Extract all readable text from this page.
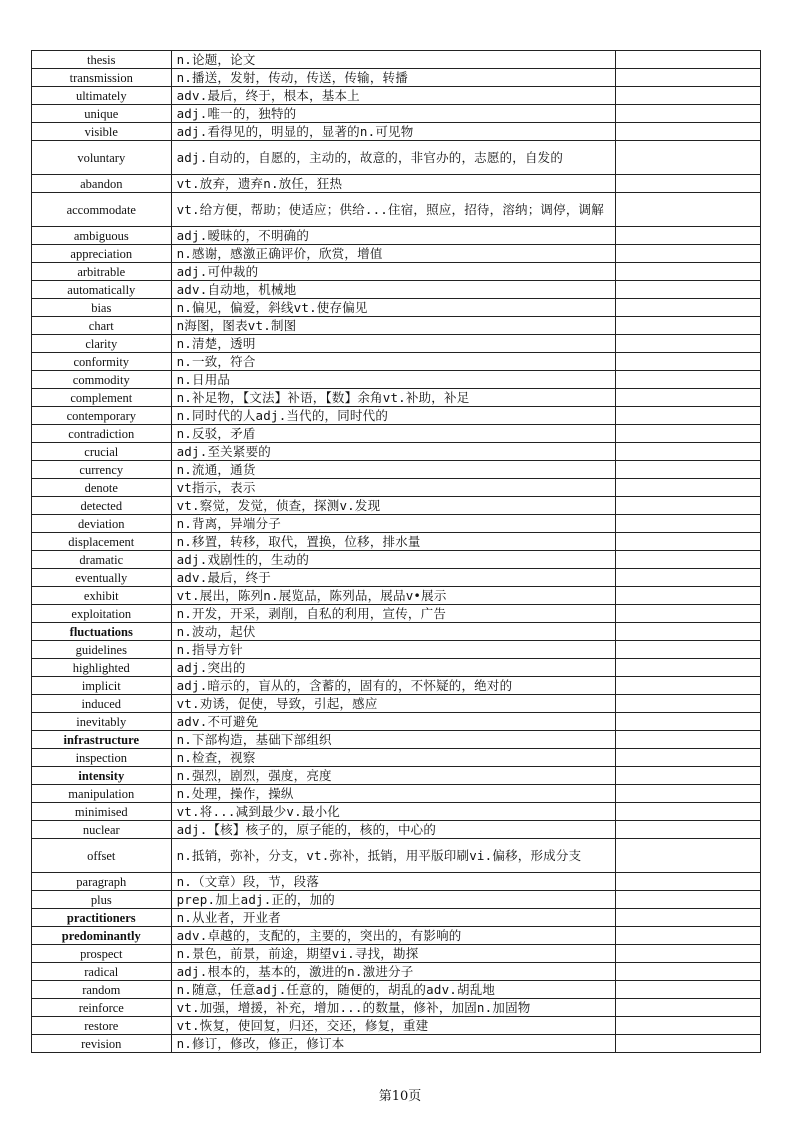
thesis	n.论题，论文	
transmission	n.播送，发射，传动，传送，传输，转播	
ultimately	adv.最后，终于，根本，基本上	
unique	adj.唯一的，独特的	
visible	adj.看得见的，明显的，显著的n.可见物	
voluntary	adj.自动的，自愿的，主动的，故意的，非官办的，志愿的，自发的	
abandon	vt.放弃，遗弃n.放任，狂热	
accommodate	vt.给方便，帮助；使适应；供给...住宿，照应，招待，溶纳；调停，调解	
ambiguous	adj.暧昧的，不明确的	
appreciation	n.感谢，感激正确评价，欣赏，增值	
arbitrable	adj.可仲裁的	
automatically	adv.自动地，机械地	
bias	n.偏见，偏爱，斜线vt.使存偏见	
chart	n海图，图表vt.制图	
clarity	n.清楚，透明	
conformity	n.一致，符合	
commodity	n.日用品	
complement	n.补足物，【文法】补语，【数】余角vt.补助，补足	
contemporary	n.同时代的人adj.当代的，同时代的	
contradiction	n.反驳，矛盾	
crucial	adj.至关紧要的	
currency	n.流通，通货	
denote	vt指示，表示	
detected	vt.察觉，发觉，侦查，探测v.发现	
deviation	n.背离，异端分子	
displacement	n.移置，转移，取代，置换，位移，排水量	
dramatic	adj.戏剧性的，生动的	
eventually	adv.最后，终于	
exhibit	vt.展出，陈列n.展览品，陈列品，展品v•展示	
exploitation	n.开发，开采，剥削，自私的利用，宣传，广告	
fluctuations	n.波动，起伏	
guidelines	n.指导方针	
highlighted	adj.突出的	
implicit	adj.暗示的，盲从的，含蓄的，固有的，不怀疑的，绝对的	
induced	vt.劝诱，促使，导致，引起，感应	
inevitably	adv.不可避免	
infrastructure	n.下部构造，基础下部组织	
inspection	n.检查，视察	
intensity	n.强烈，剧烈，强度，亮度	
manipulation	n.处理，操作，操纵	
minimised	vt.将...减到最少v.最小化	
nuclear	adj.【核】核子的，原子能的，核的，中心的	
offset	n.抵销，弥补，分支，vt.弥补，抵销，用平版印刷vi.偏移，形成分支	
paragraph	n.（文章）段，节，段落	
plus	prep.加上adj.正的，加的	
practitioners	n.从业者，开业者	
predominantly	adv.卓越的，支配的，主要的，突出的，有影响的	
prospect	n.景色，前景，前途，期望vi.寻找，勘探	
radical	adj.根本的，基本的，激进的n.激进分子	
random	n.随意，任意adj.任意的，随便的，胡乱的adv.胡乱地	
reinforce	vt.加强，增援，补充，增加...的数量，修补，加固n.加固物	
restore	vt.恢复，使回复，归还，交还，修复，重建	
revision	n.修订，修改，修正，修订本	
第10页
